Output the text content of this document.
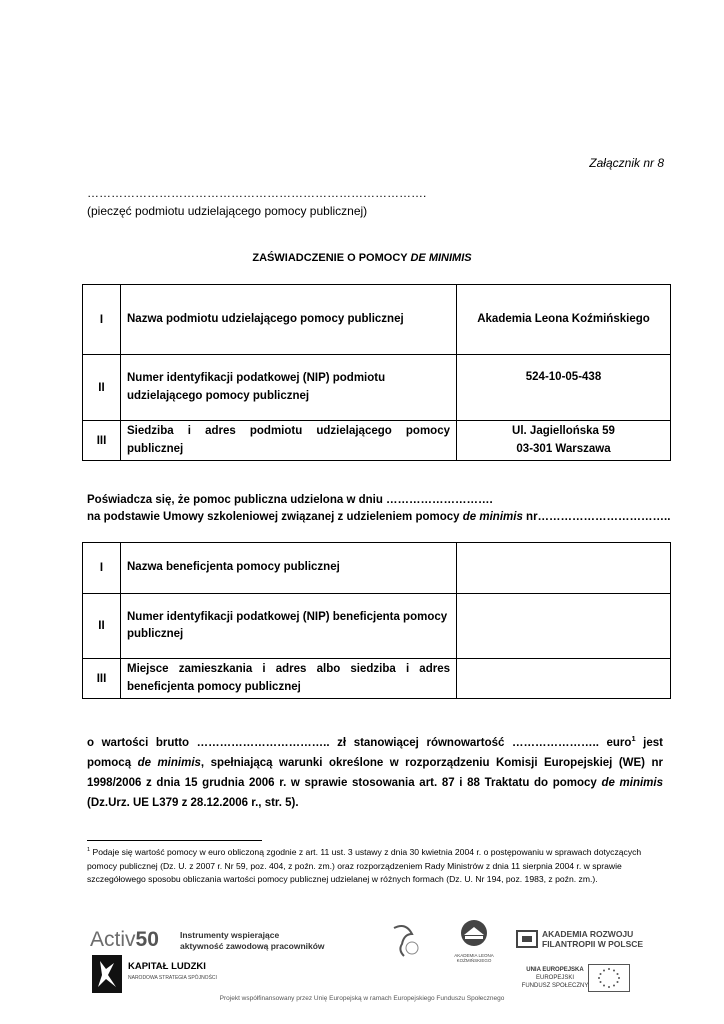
Załącznik nr 8
………………………………………………………………………….
(pieczęć podmiotu udzielającego pomocy publicznej)
ZAŚWIADCZENIE O POMOCY DE MINIMIS
I	Nazwa podmiotu udzielającego pomocy publicznej	Akademia Leona Koźmińskiego
II	Numer identyfikacji podatkowej (NIP) podmiotu udzielającego pomocy publicznej	524-10-05-438
III	Siedziba i adres podmiotu udzielającego pomocy publicznej	Ul. Jagiellońska 59
03-301 Warszawa
Poświadcza się, że pomoc publiczna udzielona w dniu ……………………….
na podstawie Umowy szkoleniowej związanej z udzieleniem pomocy de minimis nr……………………………..
I	Nazwa beneficjenta pomocy publicznej	
II	Numer identyfikacji podatkowej (NIP) beneficjenta pomocy publicznej	
III	Miejsce zamieszkania i adres albo siedziba i adres beneficjenta pomocy publicznej	
o wartości brutto …………………………….. zł stanowiącej równowartość ………………….. euro$^1$ jest pomocą de minimis, spełniającą warunki określone w rozporządzeniu Komisji Europejskiej (WE) nr 1998/2006 z dnia 15 grudnia 2006 r. w sprawie stosowania art. 87 i 88 Traktatu do pomocy de minimis (Dz.Urz. UE L379 z 28.12.2006 r., str. 5).
$^1$ Podaje się wartość pomocy w euro obliczoną zgodnie z art. 11 ust. 3 ustawy z dnia 30 kwietnia 2004 r. o postępowaniu w sprawach dotyczących pomocy publicznej (Dz. U. z 2007 r. Nr 59, poz. 404, z poźn. zm.) oraz rozporządzeniem Rady Ministrów z dnia 11 sierpnia 2004 r. w sprawie szczegółowego sposobu obliczania wartości pomocy publicznej udzielanej w różnych formach (Dz. U. Nr 194, poz. 1983, z poźn. zm.).
Activ50 Instrumenty wspierające
aktywność zawodową pracowników
AKADEMIA LEONA KOŹMIŃSKIEGO
AKADEMIA ROZWOJU
FILANTROPII W POLSCE
KAPITAŁ LUDZKI
NARODOWA STRATEGIA SPÓJNOŚCI
UNIA EUROPEJSKA
EUROPEJSKI
FUNDUSZ SPOŁECZNY
Projekt współfinansowany przez Unię Europejską w ramach Europejskiego Funduszu Społecznego
